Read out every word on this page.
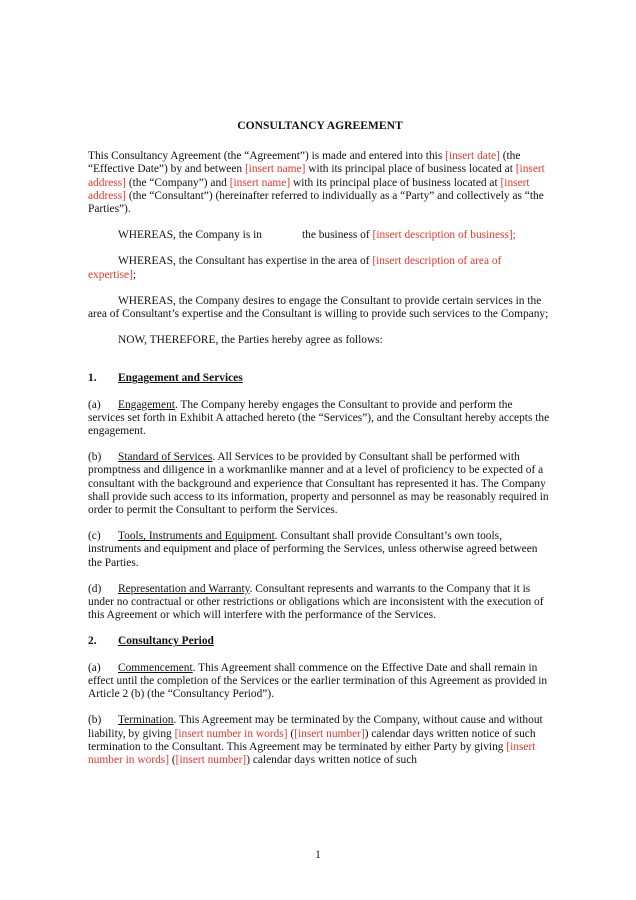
CONSULTANCY AGREEMENT

This Consultancy Agreement (the “Agreement”) is made and entered into this [insert date] (the “Effective Date”) by and between [insert name] with its principal place of business located at [insert address] (the “Company”) and [insert name] with its principal place of business located at [insert address] (the “Consultant”) (hereinafter referred to individually as a “Party” and collectively as “the Parties”).

WHEREAS, the Company is in	the business of [insert description of business];

WHEREAS, the Consultant has expertise in the area of [insert description of area of expertise];

WHEREAS, the Company desires to engage the Consultant to provide certain services in the area of Consultant’s expertise and the Consultant is willing to provide such services to the Company;

NOW, THEREFORE, the Parties hereby agree as follows:

1. Engagement and Services

(a) Engagement. The Company hereby engages the Consultant to provide and perform the services set forth in Exhibit A attached hereto (the “Services”), and the Consultant hereby accepts the engagement.

(b) Standard of Services. All Services to be provided by Consultant shall be performed with promptness and diligence in a workmanlike manner and at a level of proficiency to be expected of a consultant with the background and experience that Consultant has represented it has. The Company shall provide such access to its information, property and personnel as may be reasonably required in order to permit the Consultant to perform the Services.

(c) Tools, Instruments and Equipment. Consultant shall provide Consultant’s own tools, instruments and equipment and place of performing the Services, unless otherwise agreed between the Parties.

(d) Representation and Warranty. Consultant represents and warrants to the Company that it is under no contractual or other restrictions or obligations which are inconsistent with the execution of this Agreement or which will interfere with the performance of the Services.

2. Consultancy Period

(a) Commencement. This Agreement shall commence on the Effective Date and shall remain in effect until the completion of the Services or the earlier termination of this Agreement as provided in Article 2 (b) (the “Consultancy Period”).

(b) Termination. This Agreement may be terminated by the Company, without cause and without liability, by giving [insert number in words] ([insert number]) calendar days written notice of such termination to the Consultant. This Agreement may be terminated by either Party by giving [insert number in words] ([insert number]) calendar days written notice of such

1
